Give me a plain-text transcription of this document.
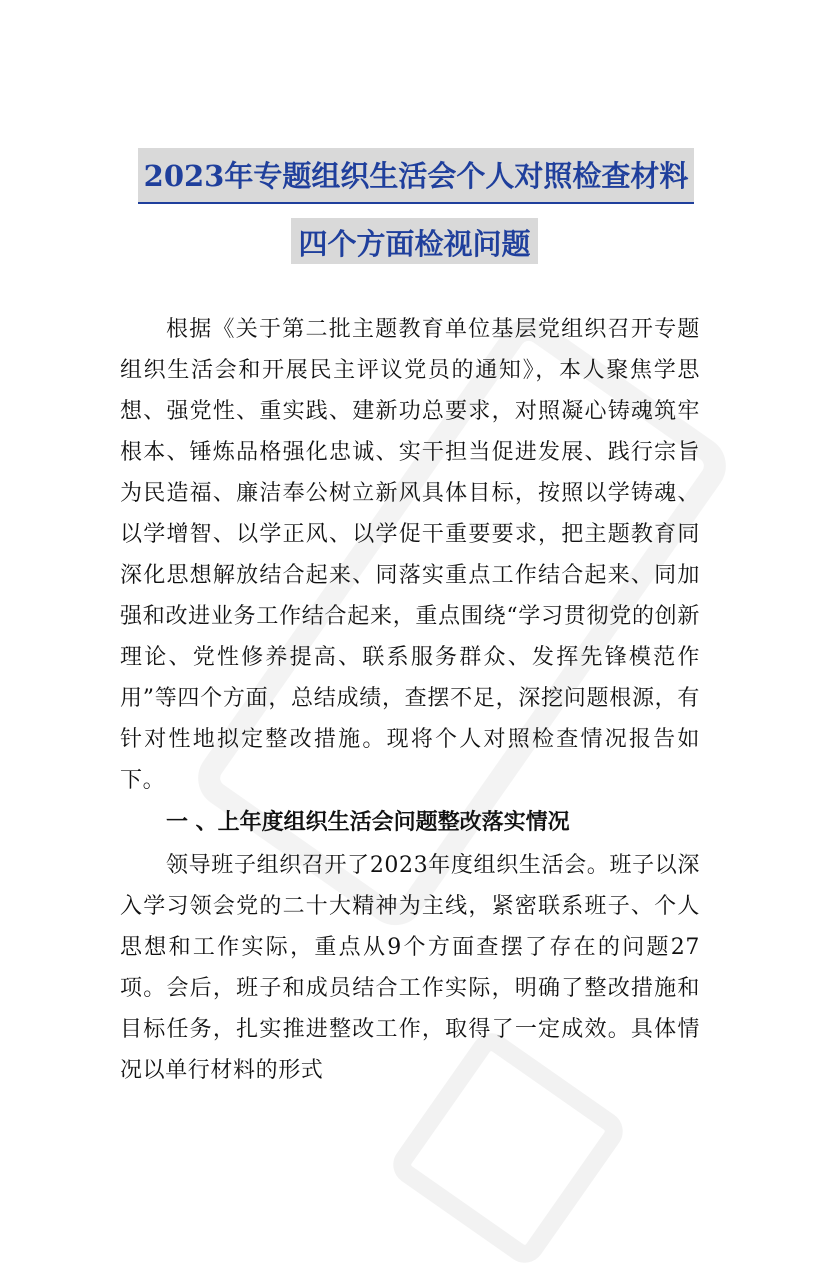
2023年专题组织生活会个人对照检查材料
四个方面检视问题

根据《关于第二批主题教育单位基层党组织召开专题组织生活会和开展民主评议党员的通知》，本人聚焦学思想、强党性、重实践、建新功总要求，对照凝心铸魂筑牢根本、锤炼品格强化忠诚、实干担当促进发展、践行宗旨为民造福、廉洁奉公树立新风具体目标，按照以学铸魂、以学增智、以学正风、以学促干重要要求，把主题教育同深化思想解放结合起来、同落实重点工作结合起来、同加强和改进业务工作结合起来，重点围绕“学习贯彻党的创新理论、党性修养提高、联系服务群众、发挥先锋模范作用”等四个方面，总结成绩，查摆不足，深挖问题根源，有针对性地拟定整改措施。现将个人对照检查情况报告如下。

一 、上年度组织生活会问题整改落实情况

领导班子组织召开了2023年度组织生活会。班子以深入学习领会党的二十大精神为主线，紧密联系班子、个人思想和工作实际，重点从9个方面查摆了存在的问题27项。会后，班子和成员结合工作实际，明确了整改措施和目标任务，扎实推进整改工作，取得了一定成效。具体情况以单行材料的形式
